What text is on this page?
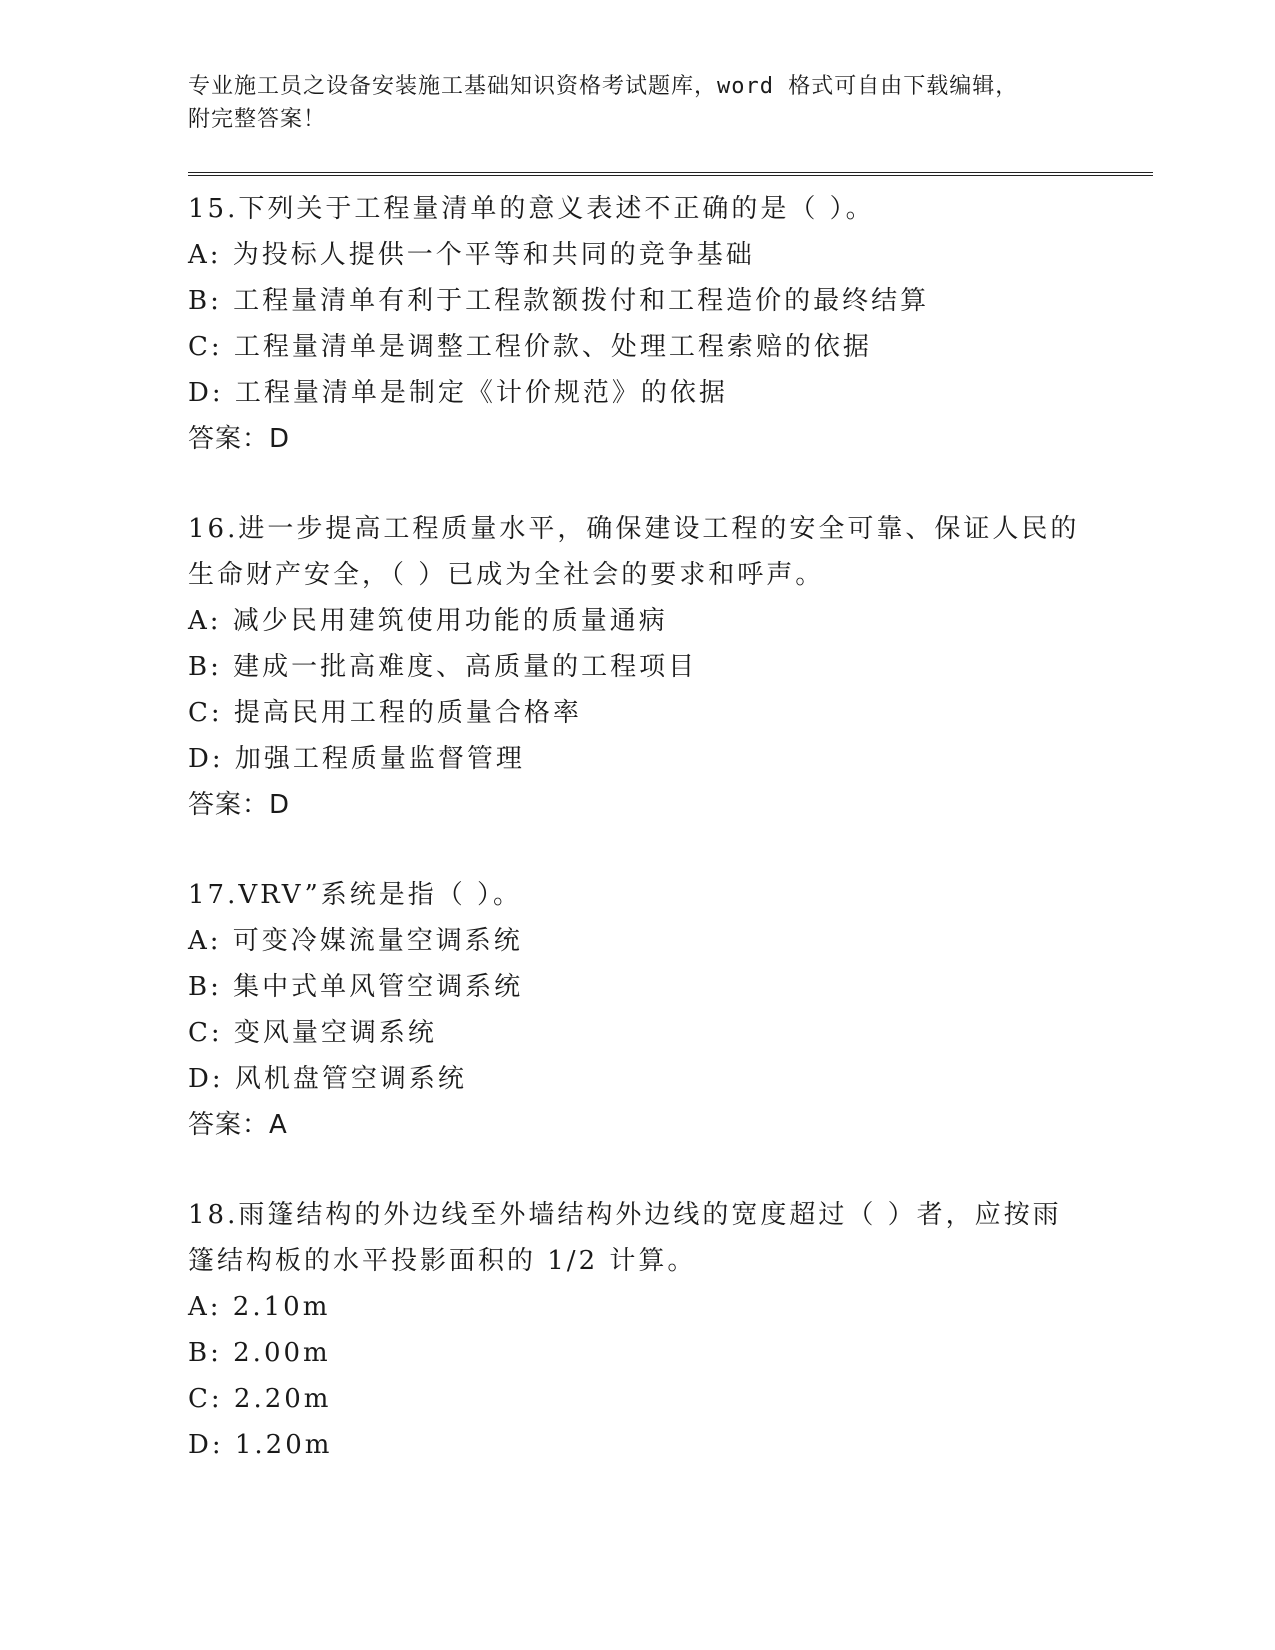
专业施工员之设备安装施工基础知识资格考试题库，word 格式可自由下载编辑，

附完整答案！

15.下列关于工程量清单的意义表述不正确的是（ ）。

A: 为投标人提供一个平等和共同的竞争基础

B: 工程量清单有利于工程款额拨付和工程造价的最终结算

C: 工程量清单是调整工程价款、处理工程索赔的依据

D: 工程量清单是制定《计价规范》的依据

答案：D

16.进一步提高工程质量水平，确保建设工程的安全可靠、保证人民的生命财产安全，（ ）已成为全社会的要求和呼声。

A: 减少民用建筑使用功能的质量通病

B: 建成一批高难度、高质量的工程项目

C: 提高民用工程的质量合格率

D: 加强工程质量监督管理

答案：D

17.VRV”系统是指（ ）。

A: 可变冷媒流量空调系统

B: 集中式单风管空调系统

C: 变风量空调系统

D: 风机盘管空调系统

答案：A

18.雨篷结构的外边线至外墙结构外边线的宽度超过（ ）者，应按雨篷结构板的水平投影面积的 1/2 计算。

A: 2.10m

B: 2.00m

C: 2.20m

D: 1.20m
